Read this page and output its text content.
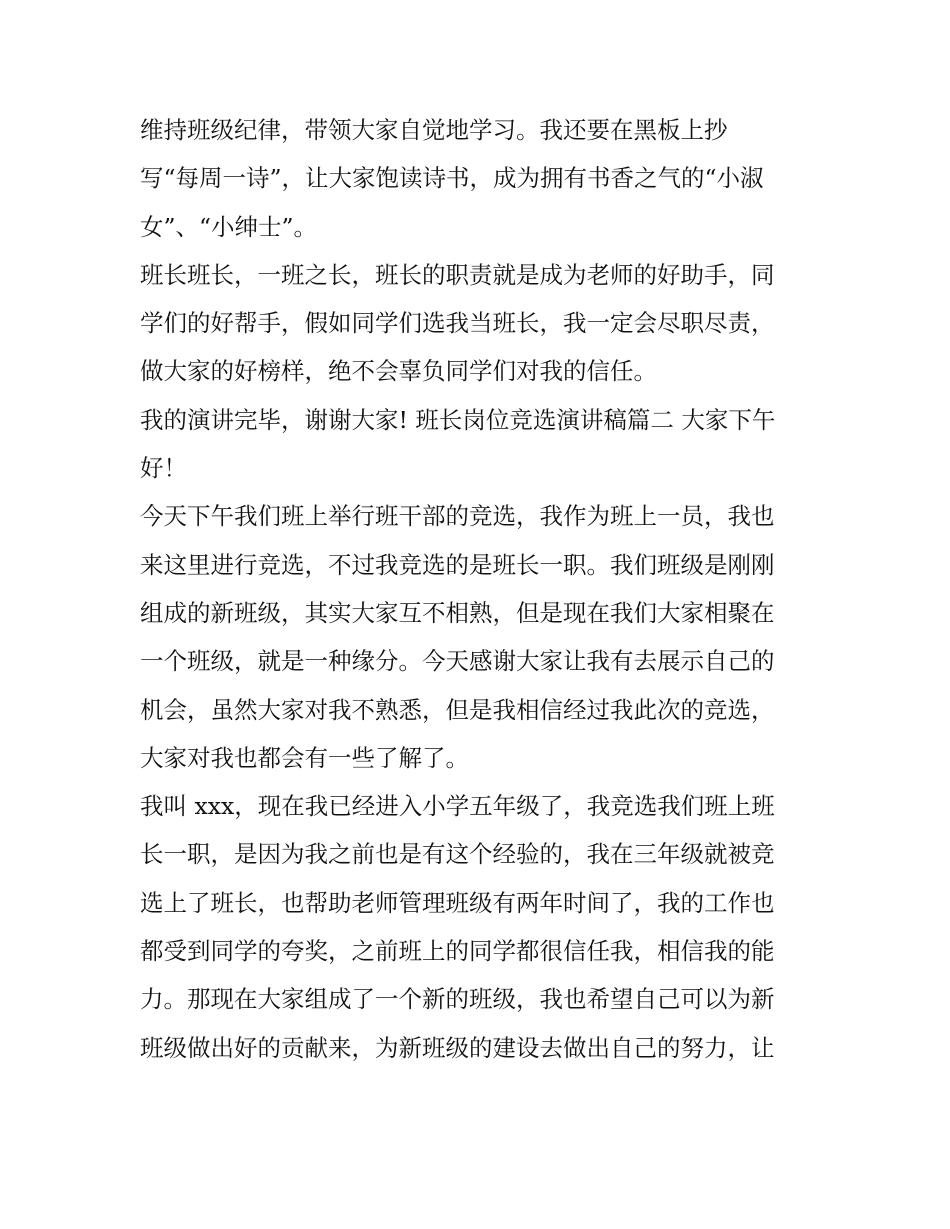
维持班级纪律，带领大家自觉地学习。我还要在黑板上抄
写“每周一诗”，让大家饱读诗书，成为拥有书香之气的“小淑
女”、“小绅士”。
班长班长，一班之长，班长的职责就是成为老师的好助手，同
学们的好帮手，假如同学们选我当班长，我一定会尽职尽责，
做大家的好榜样，绝不会辜负同学们对我的信任。
我的演讲完毕，谢谢大家! 班长岗位竞选演讲稿篇二 大家下午
好！
今天下午我们班上举行班干部的竞选，我作为班上一员，我也
来这里进行竞选，不过我竞选的是班长一职。我们班级是刚刚
组成的新班级，其实大家互不相熟，但是现在我们大家相聚在
一个班级，就是一种缘分。今天感谢大家让我有去展示自己的
机会，虽然大家对我不熟悉，但是我相信经过我此次的竞选，
大家对我也都会有一些了解了。
我叫 xxx，现在我已经进入小学五年级了，我竞选我们班上班
长一职，是因为我之前也是有这个经验的，我在三年级就被竞
选上了班长，也帮助老师管理班级有两年时间了，我的工作也
都受到同学的夸奖，之前班上的同学都很信任我，相信我的能
力。那现在大家组成了一个新的班级，我也希望自己可以为新
班级做出好的贡献来，为新班级的建设去做出自己的努力，让
